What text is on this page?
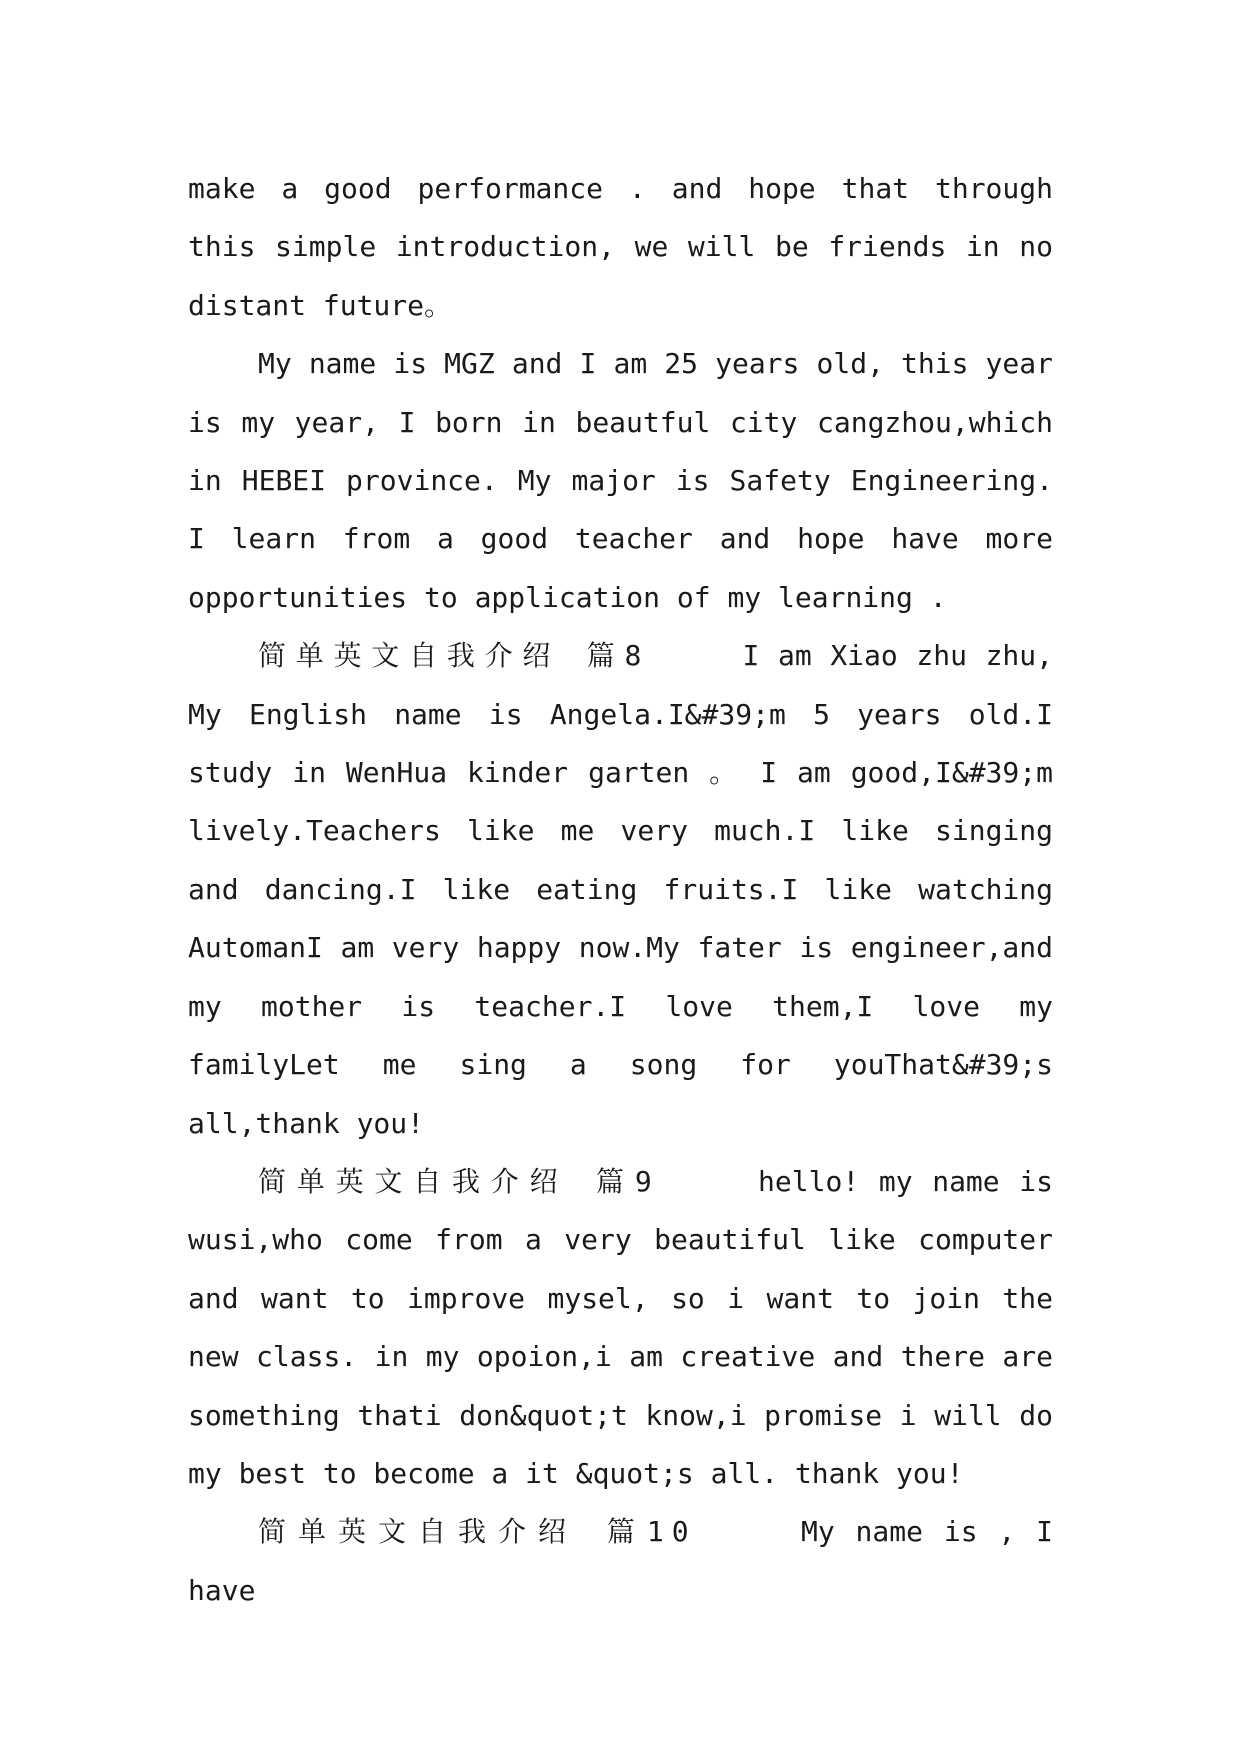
make a good performance . and hope that through this simple introduction, we will be friends in no distant future。

My name is MGZ and I am 25 years old, this year is my year, I born in beautful city cangzhou,which in HEBEI province. My major is Safety Engineering. I learn from a good teacher and hope have more opportunities to application of my learning .

简单英文自我介绍 篇8	I am Xiao zhu zhu, My English name is Angela.I&#39;m 5 years old.I study in WenHua kinder garten 。 I am good,I&#39;m lively.Teachers like me very much.I like singing and dancing.I like eating fruits.I like watching AutomanI am very happy now.My fater is engineer,and my mother is teacher.I love them,I love my familyLet me sing a song for youThat&#39;s all,thank you!

简单英文自我介绍 篇9	hello! my name is wusi,who come from a very beautiful like computer and want to improve mysel, so i want to join the new class. in my opoion,i am creative and there are something thati don&quot;t know,i promise i will do my best to become a it &quot;s all. thank you!

简单英文自我介绍 篇10	My name is , I have
